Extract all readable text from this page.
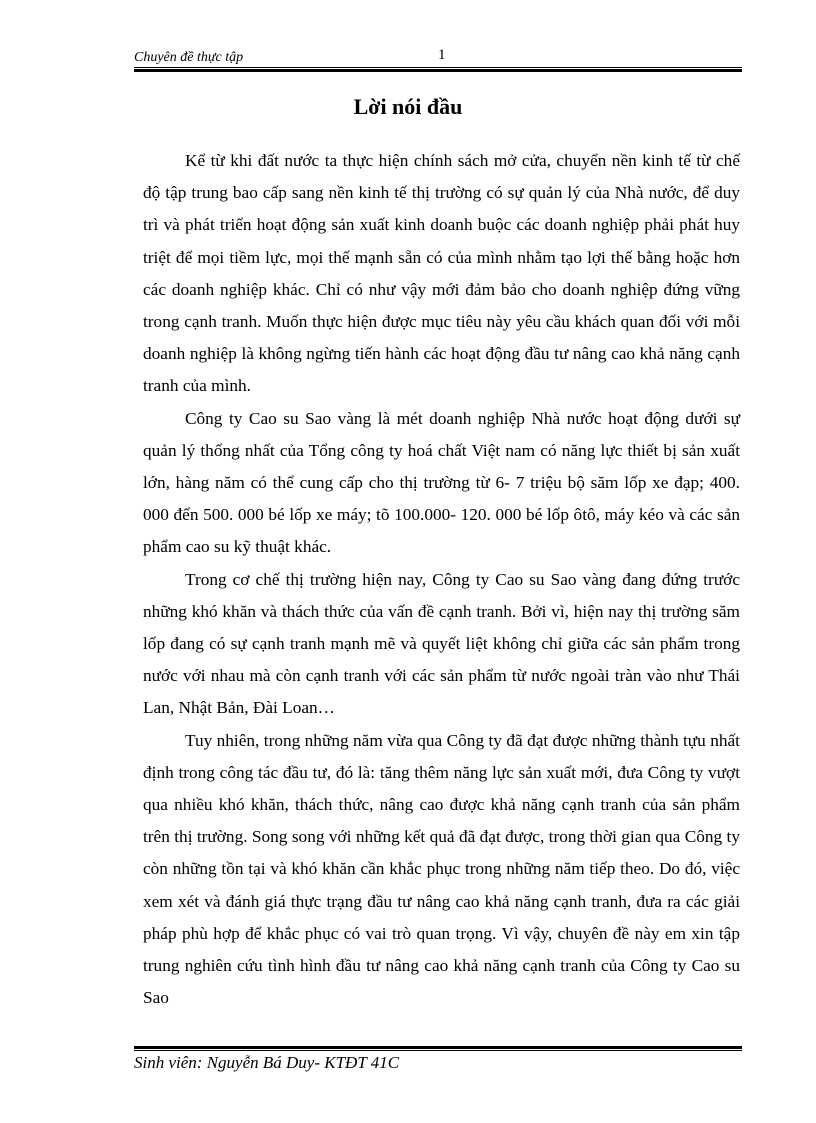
Chuyên đề thực tập	1
Lời nói đầu

Kể từ khi đất nước ta thực hiện chính sách mở cửa, chuyển nền kinh tế từ chế độ tập trung bao cấp sang nền kinh tế thị trường có sự quản lý của Nhà nước, để duy trì và phát triển hoạt động sản xuất kinh doanh buộc các doanh nghiệp phải phát huy triệt để mọi tiềm lực, mọi thế mạnh sẵn có của mình nhằm tạo lợi thế bằng hoặc hơn các doanh nghiệp khác. Chỉ có như vậy mới đảm bảo cho doanh nghiệp đứng vững trong cạnh tranh. Muốn thực hiện được mục tiêu này yêu cầu khách quan đối với mỗi doanh nghiệp là không ngừng tiến hành các hoạt động đầu tư nâng cao khả năng cạnh tranh của mình.

Công ty Cao su Sao vàng là mét doanh nghiệp Nhà nước hoạt động dưới sự quản lý thống nhất của Tổng công ty hoá chất Việt nam có năng lực thiết bị sản xuất lớn, hàng năm có thể cung cấp cho thị trường từ 6- 7 triệu bộ săm lốp xe đạp; 400. 000 đến 500. 000 bé lốp xe máy; tõ 100.000- 120. 000 bé lốp ôtô, máy kéo và các sản phẩm cao su kỹ thuật khác.

Trong cơ chế thị trường hiện nay, Công ty Cao su Sao vàng đang đứng trước những khó khăn và thách thức của vấn đề cạnh tranh. Bởi vì, hiện nay thị trường săm lốp đang có sự cạnh tranh mạnh mẽ và quyết liệt không chỉ giữa các sản phẩm trong nước với nhau mà còn cạnh tranh với các sản phẩm từ nước ngoài tràn vào như Thái Lan, Nhật Bản, Đài Loan…

Tuy nhiên, trong những năm vừa qua Công ty đã đạt được những thành tựu nhất định trong công tác đầu tư, đó là: tăng thêm năng lực sản xuất mới, đưa Công ty vượt qua nhiều khó khăn, thách thức, nâng cao được khả năng cạnh tranh của sản phẩm trên thị trường. Song song với những kết quả đã đạt được, trong thời gian qua Công ty còn những tồn tại và khó khăn cần khắc phục trong những năm tiếp theo. Do đó, việc xem xét và đánh giá thực trạng đầu tư nâng cao khả năng cạnh tranh, đưa ra các giải pháp phù hợp để khắc phục có vai trò quan trọng. Vì vậy, chuyên đề này em xin tập trung nghiên cứu tình hình đầu tư nâng cao khả năng cạnh tranh của Công ty Cao su Sao

Sinh viên: Nguyễn Bá Duy- KTĐT 41C
